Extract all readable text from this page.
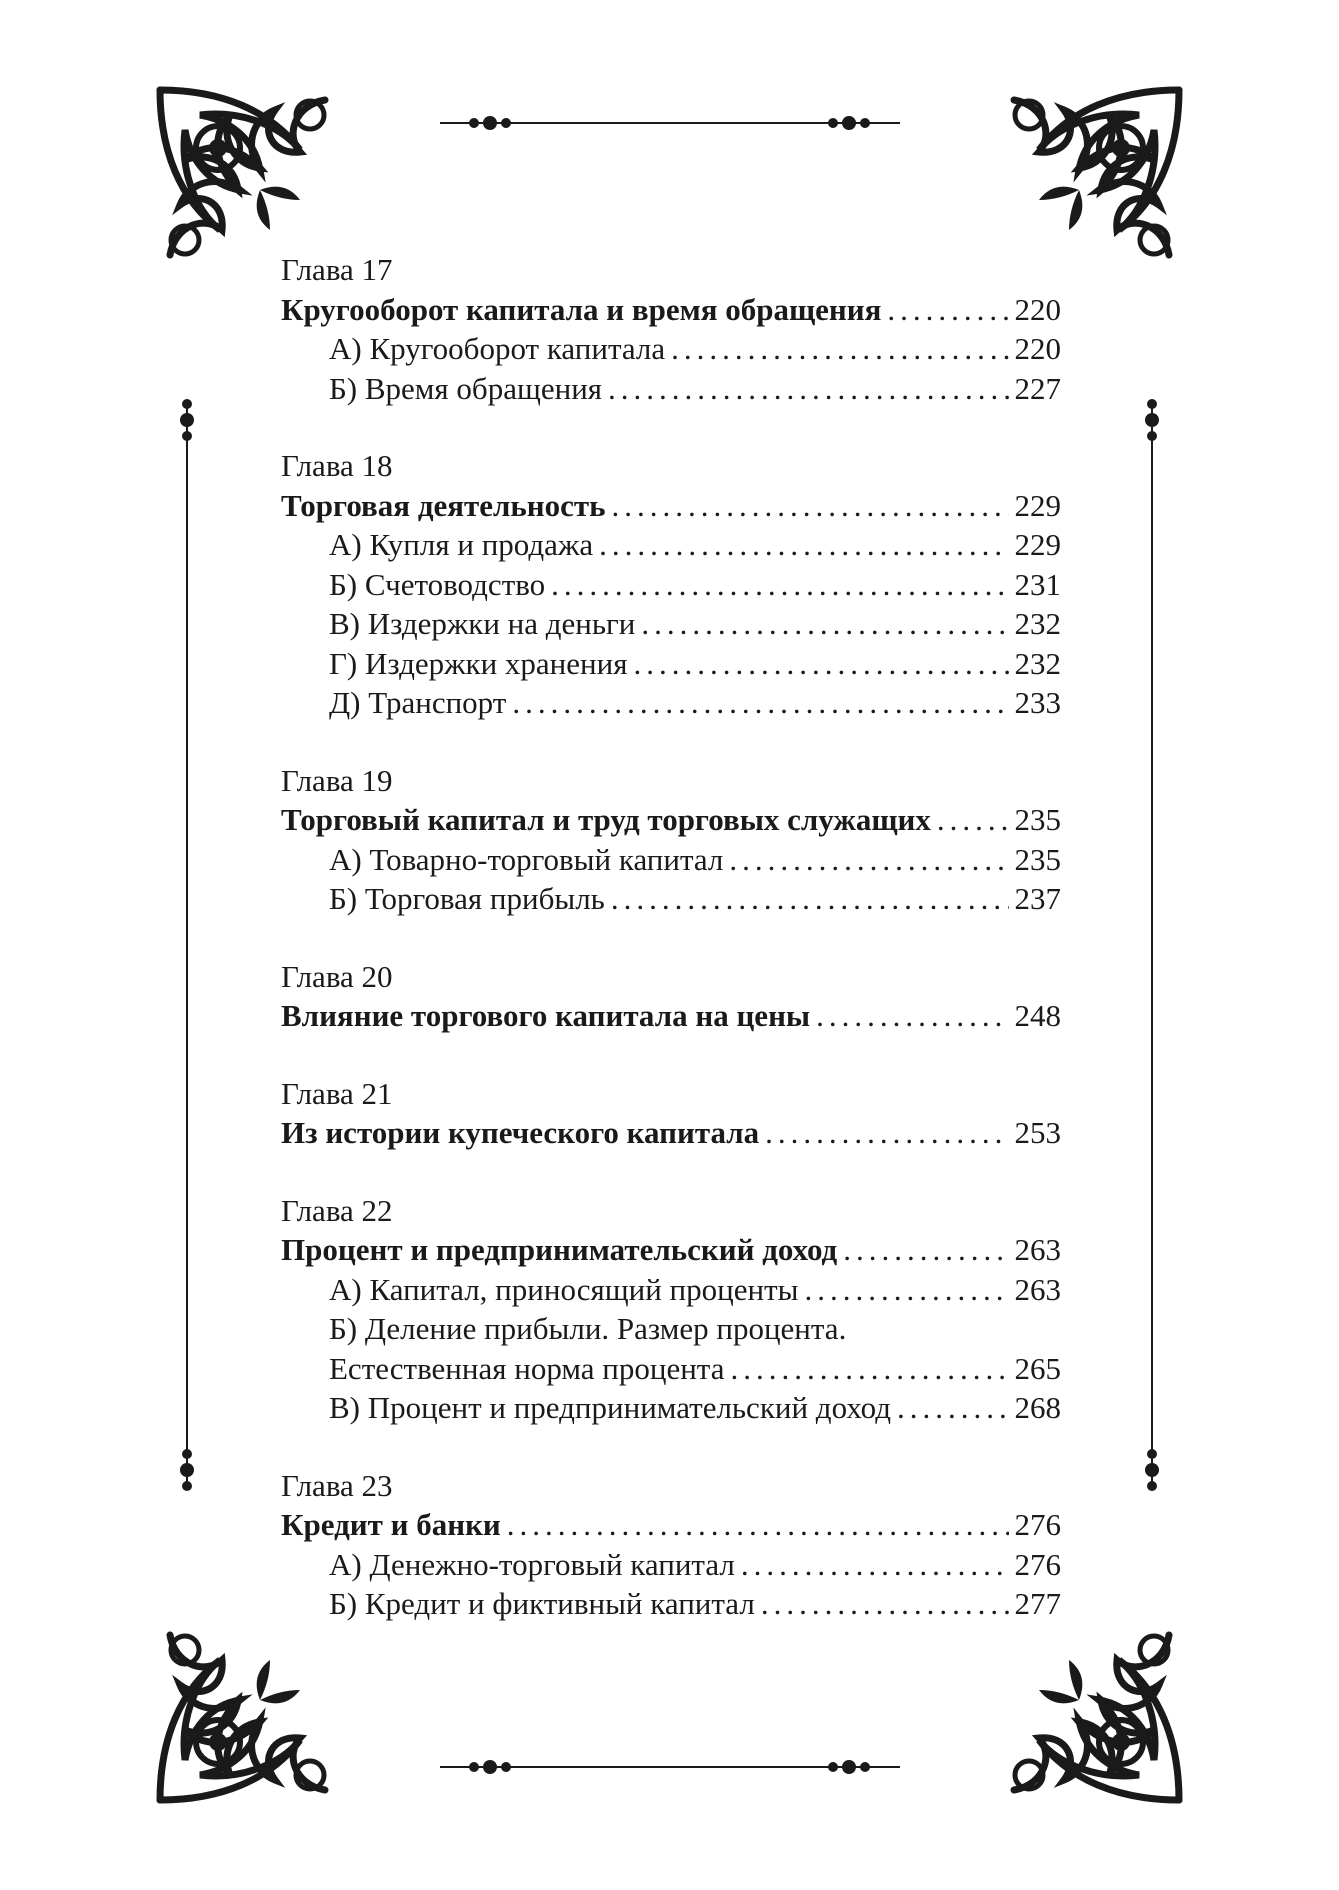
Глава 17
Кругооборот капитала и время обращения .....	220
А) Кругооборот капитала .....	220
Б) Время обращения .....	227
Глава 18
Торговая деятельность .....	229
А) Купля и продажа .....	229
Б) Счетоводство .....	231
В) Издержки на деньги .....	232
Г) Издержки хранения .....	232
Д) Транспорт .....	233
Глава 19
Торговый капитал и труд торговых служащих .....	235
А) Товарно-торговый капитал .....	235
Б) Торговая прибыль .....	237
Глава 20
Влияние торгового капитала на цены .....	248
Глава 21
Из истории купеческого капитала .....	253
Глава 22
Процент и предпринимательский доход .....	263
А) Капитал, приносящий проценты .....	263
Б) Деление прибыли. Размер процента.
Естественная норма процента .....	265
В) Процент и предпринимательский доход .....	268
Глава 23
Кредит и банки .....	276
А) Денежно-торговый капитал .....	276
Б) Кредит и фиктивный капитал .....	277
